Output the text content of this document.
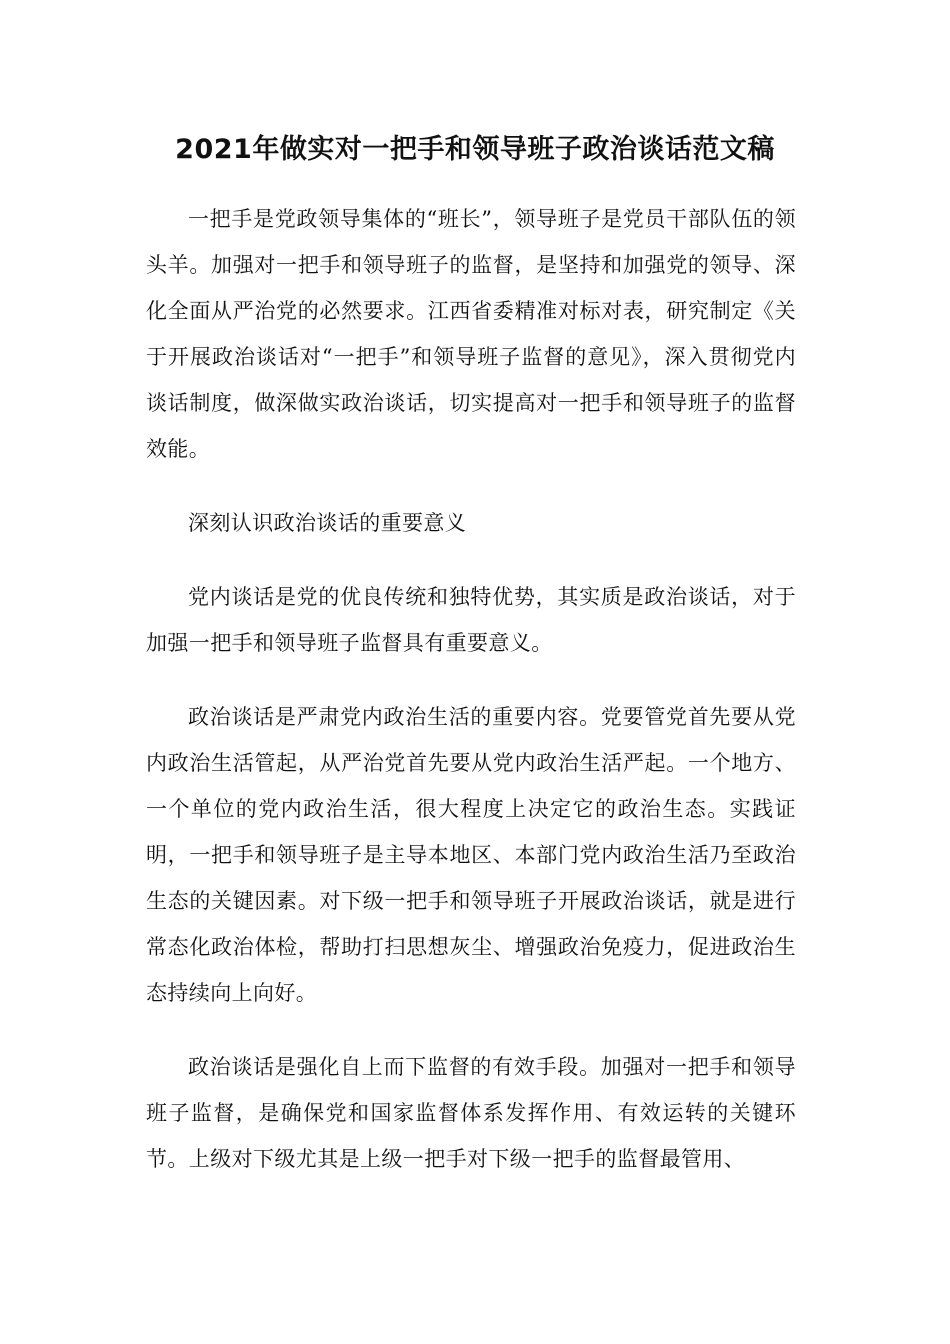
2021年做实对一把手和领导班子政治谈话范文稿

一把手是党政领导集体的“班长”，领导班子是党员干部队伍的领头羊。加强对一把手和领导班子的监督，是坚持和加强党的领导、深化全面从严治党的必然要求。江西省委精准对标对表，研究制定《关于开展政治谈话对“一把手”和领导班子监督的意见》，深入贯彻党内谈话制度，做深做实政治谈话，切实提高对一把手和领导班子的监督效能。

深刻认识政治谈话的重要意义

党内谈话是党的优良传统和独特优势，其实质是政治谈话，对于加强一把手和领导班子监督具有重要意义。

政治谈话是严肃党内政治生活的重要内容。党要管党首先要从党内政治生活管起，从严治党首先要从党内政治生活严起。一个地方、一个单位的党内政治生活，很大程度上决定它的政治生态。实践证明，一把手和领导班子是主导本地区、本部门党内政治生活乃至政治生态的关键因素。对下级一把手和领导班子开展政治谈话，就是进行常态化政治体检，帮助打扫思想灰尘、增强政治免疫力，促进政治生态持续向上向好。

政治谈话是强化自上而下监督的有效手段。加强对一把手和领导班子监督，是确保党和国家监督体系发挥作用、有效运转的关键环节。上级对下级尤其是上级一把手对下级一把手的监督最管用、
